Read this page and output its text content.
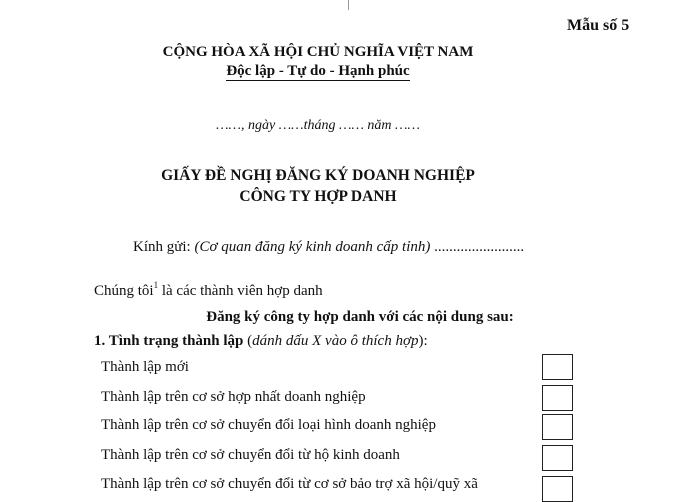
Mẫu số 5
CỘNG HÒA XÃ HỘI CHỦ NGHĨA VIỆT NAM
Độc lập - Tự do - Hạnh phúc
……, ngày ……tháng …… năm ……
GIẤY ĐỀ NGHỊ ĐĂNG KÝ DOANH NGHIỆP
CÔNG TY HỢP DANH
Kính gửi: (Cơ quan đăng ký kinh doanh cấp tỉnh) ........................
Chúng tôi$^1$ là các thành viên hợp danh
Đăng ký công ty hợp danh với các nội dung sau:
1. Tình trạng thành lập (dánh dấu X vào ô thích hợp):
Thành lập mới
Thành lập trên cơ sở hợp nhất doanh nghiệp
Thành lập trên cơ sở chuyển đổi loại hình doanh nghiệp
Thành lập trên cơ sở chuyển đổi từ hộ kinh doanh
Thành lập trên cơ sở chuyển đổi từ cơ sở bảo trợ xã hội/quỹ xã
